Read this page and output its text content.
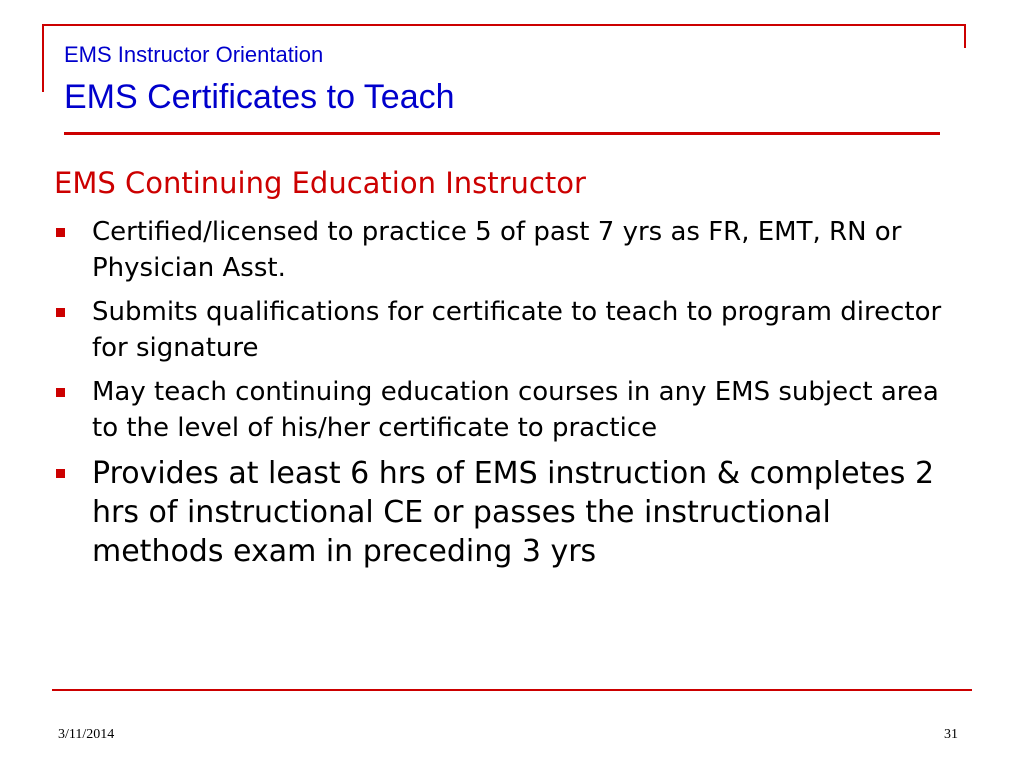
EMS Instructor Orientation
EMS Certificates to Teach
EMS Continuing Education Instructor
Certified/licensed to practice 5 of past 7 yrs as FR, EMT, RN or Physician Asst.
Submits qualifications for certificate to teach to program director for signature
May teach continuing education courses in any EMS subject area to the level of his/her certificate to practice
Provides at least 6 hrs of EMS instruction & completes 2 hrs of instructional CE or passes the instructional methods exam in preceding 3 yrs
3/11/2014	31
